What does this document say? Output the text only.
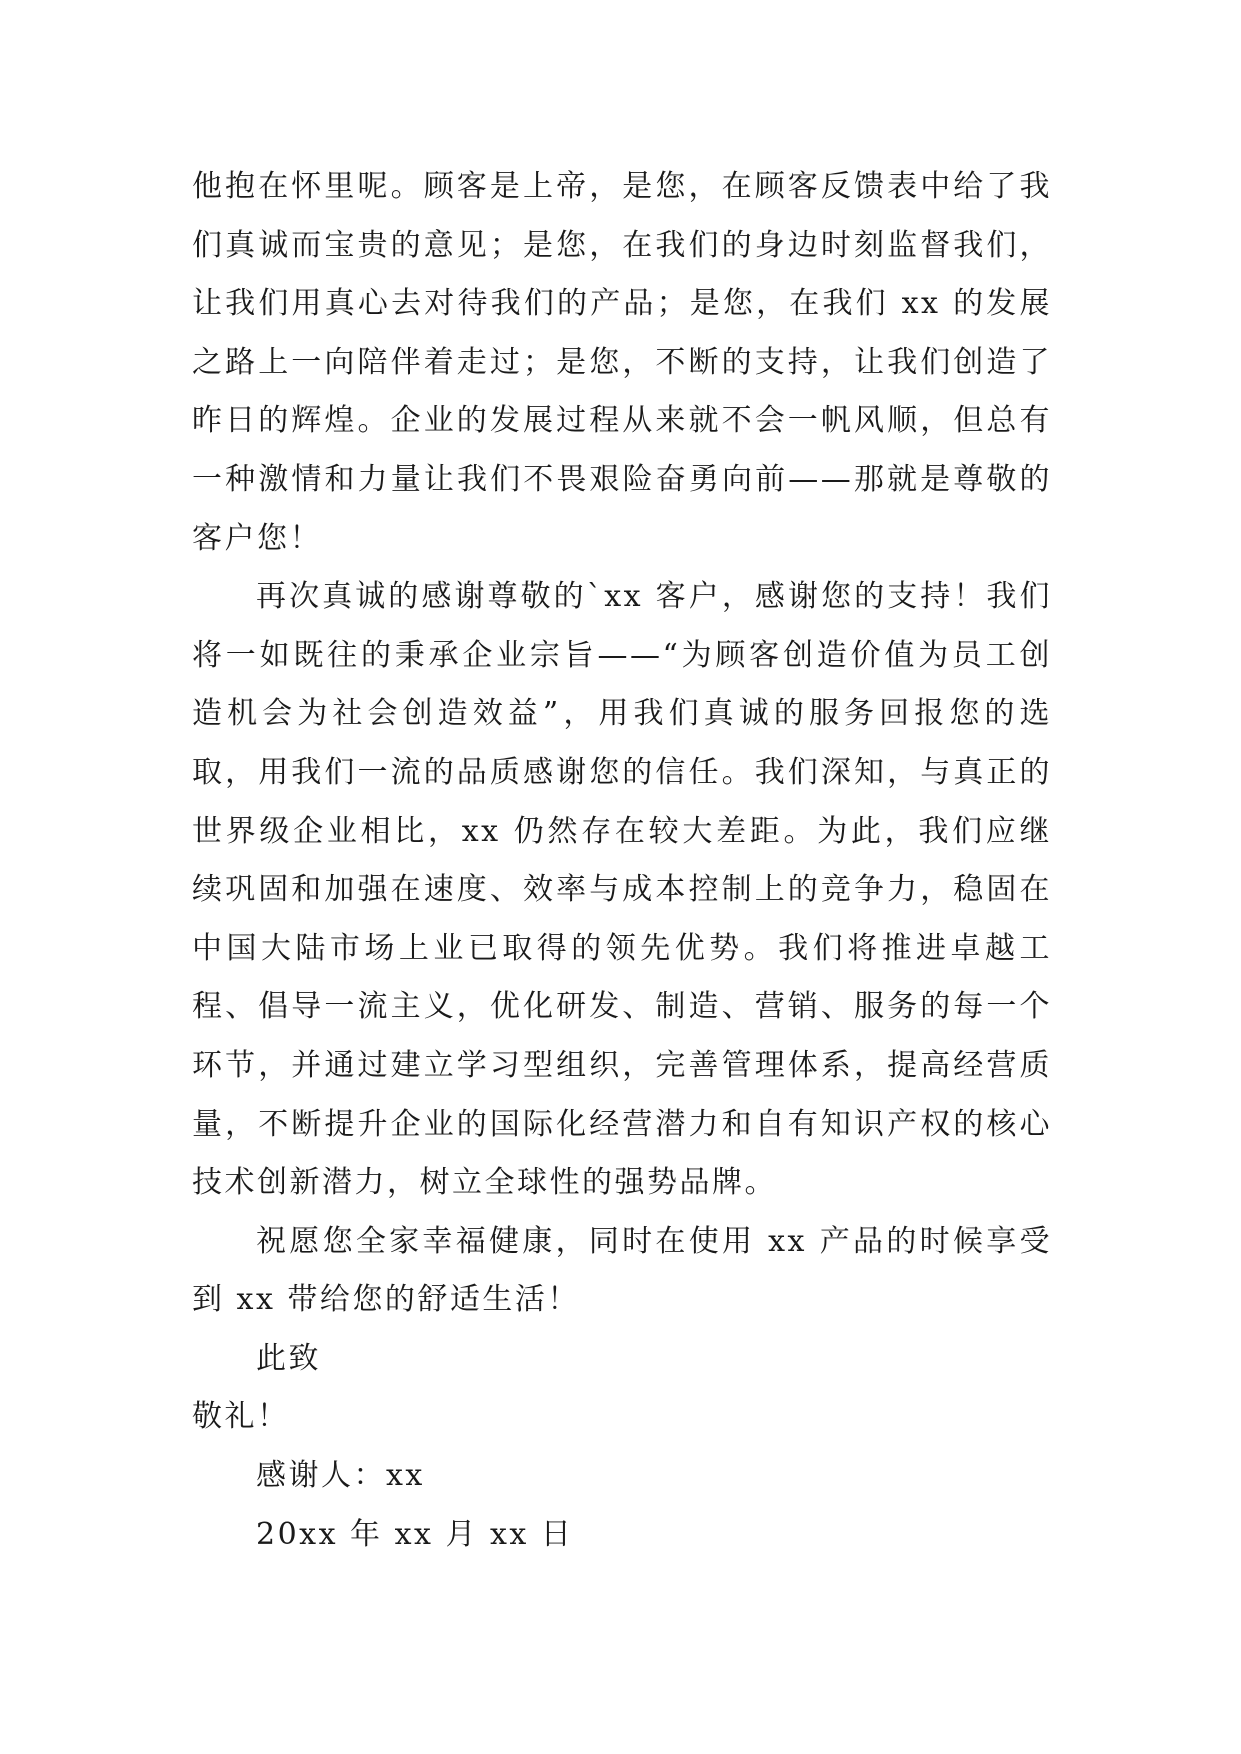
他抱在怀里呢。顾客是上帝，是您，在顾客反馈表中给了我们真诚而宝贵的意见；是您，在我们的身边时刻监督我们，让我们用真心去对待我们的产品；是您，在我们 xx 的发展之路上一向陪伴着走过；是您，不断的支持，让我们创造了昨日的辉煌。企业的发展过程从来就不会一帆风顺，但总有一种激情和力量让我们不畏艰险奋勇向前——那就是尊敬的客户您！

再次真诚的感谢尊敬的`xx 客户，感谢您的支持！我们将一如既往的秉承企业宗旨——“为顾客创造价值为员工创造机会为社会创造效益”，用我们真诚的服务回报您的选取，用我们一流的品质感谢您的信任。我们深知，与真正的世界级企业相比，xx 仍然存在较大差距。为此，我们应继续巩固和加强在速度、效率与成本控制上的竞争力，稳固在中国大陆市场上业已取得的领先优势。我们将推进卓越工程、倡导一流主义，优化研发、制造、营销、服务的每一个环节，并通过建立学习型组织，完善管理体系，提高经营质量，不断提升企业的国际化经营潜力和自有知识产权的核心技术创新潜力，树立全球性的强势品牌。

祝愿您全家幸福健康，同时在使用 xx 产品的时候享受到 xx 带给您的舒适生活！

此致

敬礼！

感谢人：xx

20xx 年 xx 月 xx 日
